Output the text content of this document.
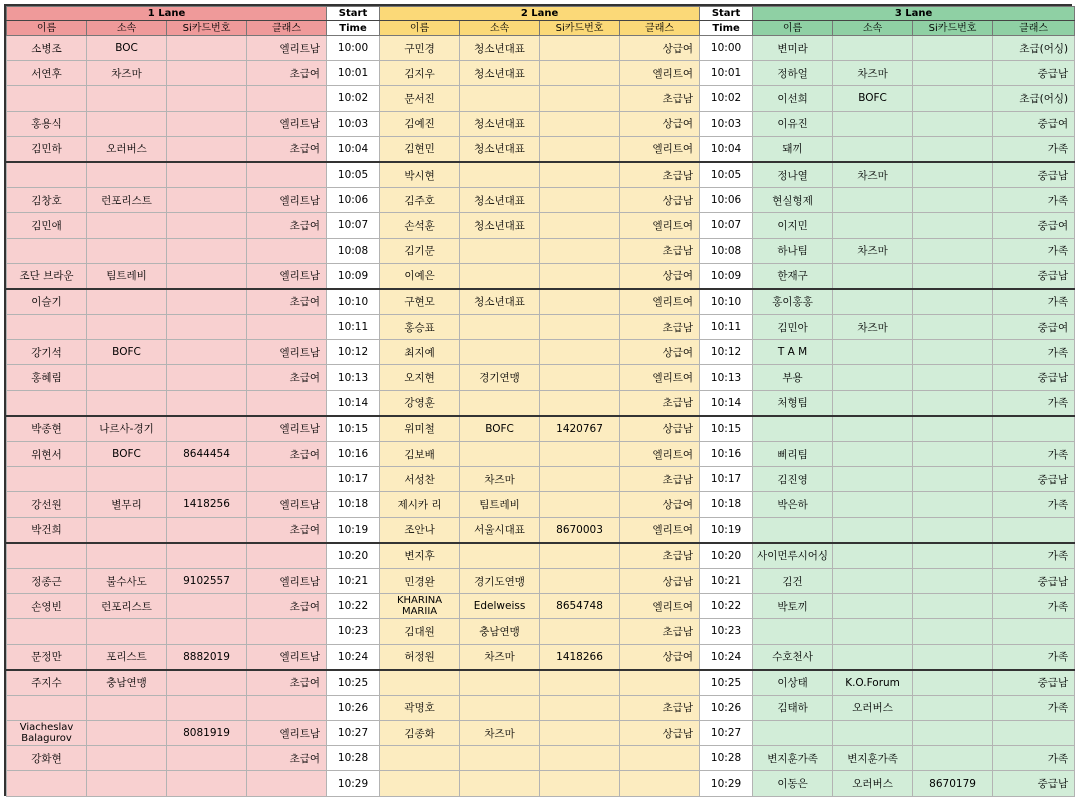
1 Lane				Start	2 Lane				Start	3 Lane			
이름	소속	Si카드번호	클래스	Time	이름	소속	Si카드번호	클래스	Time	이름	소속	Si카드번호	클래스
소병조	BOC		엘리트남	10:00	구민경	청소년대표		상급여	10:00	변미라			초급(어싱)
서연후	차즈마		초급여	10:01	김지우	청소년대표		엘리트여	10:01	정하얼	차즈마		중급남
				10:02	문서진			초급남	10:02	이선희	BOFC		초급(어싱)
홍용식			엘리트남	10:03	김예진	청소년대표		상급여	10:03	이유진			중급여
김민하	오러버스		초급여	10:04	김현민	청소년대표		엘리트여	10:04	돼끼			가족
				10:05	박시현			초급남	10:05	정나열	차즈마		중급남
김창호	런포리스트		엘리트남	10:06	김주호	청소년대표		상급남	10:06	현실형제			가족
김민애			초급여	10:07	손석훈	청소년대표		엘리트여	10:07	이지민			중급여
				10:08	김기문			초급남	10:08	하나팀	차즈마		가족
조단 브라운	팀트레비		엘리트남	10:09	이예은			상급여	10:09	한재구			중급남
이슬기			초급여	10:10	구현모	청소년대표		엘리트여	10:10	홍이홍홍			가족
				10:11	홍승표			초급남	10:11	김민아	차즈마		중급여
강기석	BOFC		엘리트남	10:12	최지예			상급여	10:12	T A M			가족
홍혜림			초급여	10:13	오지현	경기연맹		엘리트여	10:13	부용			중급남
				10:14	강영훈			초급남	10:14	처형팀			가족
박종현	나르사-경기		엘리트남	10:15	위미철	BOFC	1420767	상급남	10:15				
위현서	BOFC	8644454	초급여	10:16	김보배			엘리트여	10:16	삐리팀			가족
				10:17	서성찬	차즈마		초급남	10:17	김진영			중급남
강선원	별무리	1418256	엘리트남	10:18	제시카 리	팀트레비		상급여	10:18	박은하			가족
박건희			초급여	10:19	조안나	서울시대표	8670003	엘리트여	10:19				
				10:20	변지후			초급남	10:20	사이먼루시어싱			가족
정종근	불수사도	9102557	엘리트남	10:21	민경완	경기도연맹		상급남	10:21	김건			중급남
손영빈	런포리스트		초급여	10:22	KHARINA MARIIA	Edelweiss	8654748	엘리트여	10:22	박토끼			가족
				10:23	김대원	충남연맹		초급남	10:23				
문정만	포리스트	8882019	엘리트남	10:24	허정원	차즈마	1418266	상급여	10:24	수호천사			가족
주지수	충남연맹		초급여	10:25					10:25	이상태	K.O.Forum		중급남
				10:26	곽명호			초급남	10:26	김태하	오러버스		가족
Viacheslav Balagurov		8081919	엘리트남	10:27	김종화	차즈마		상급남	10:27				
강화현			초급여	10:28					10:28	변지훈가족	변지훈가족		가족
				10:29					10:29	이동은	오러버스	8670179	중급남
